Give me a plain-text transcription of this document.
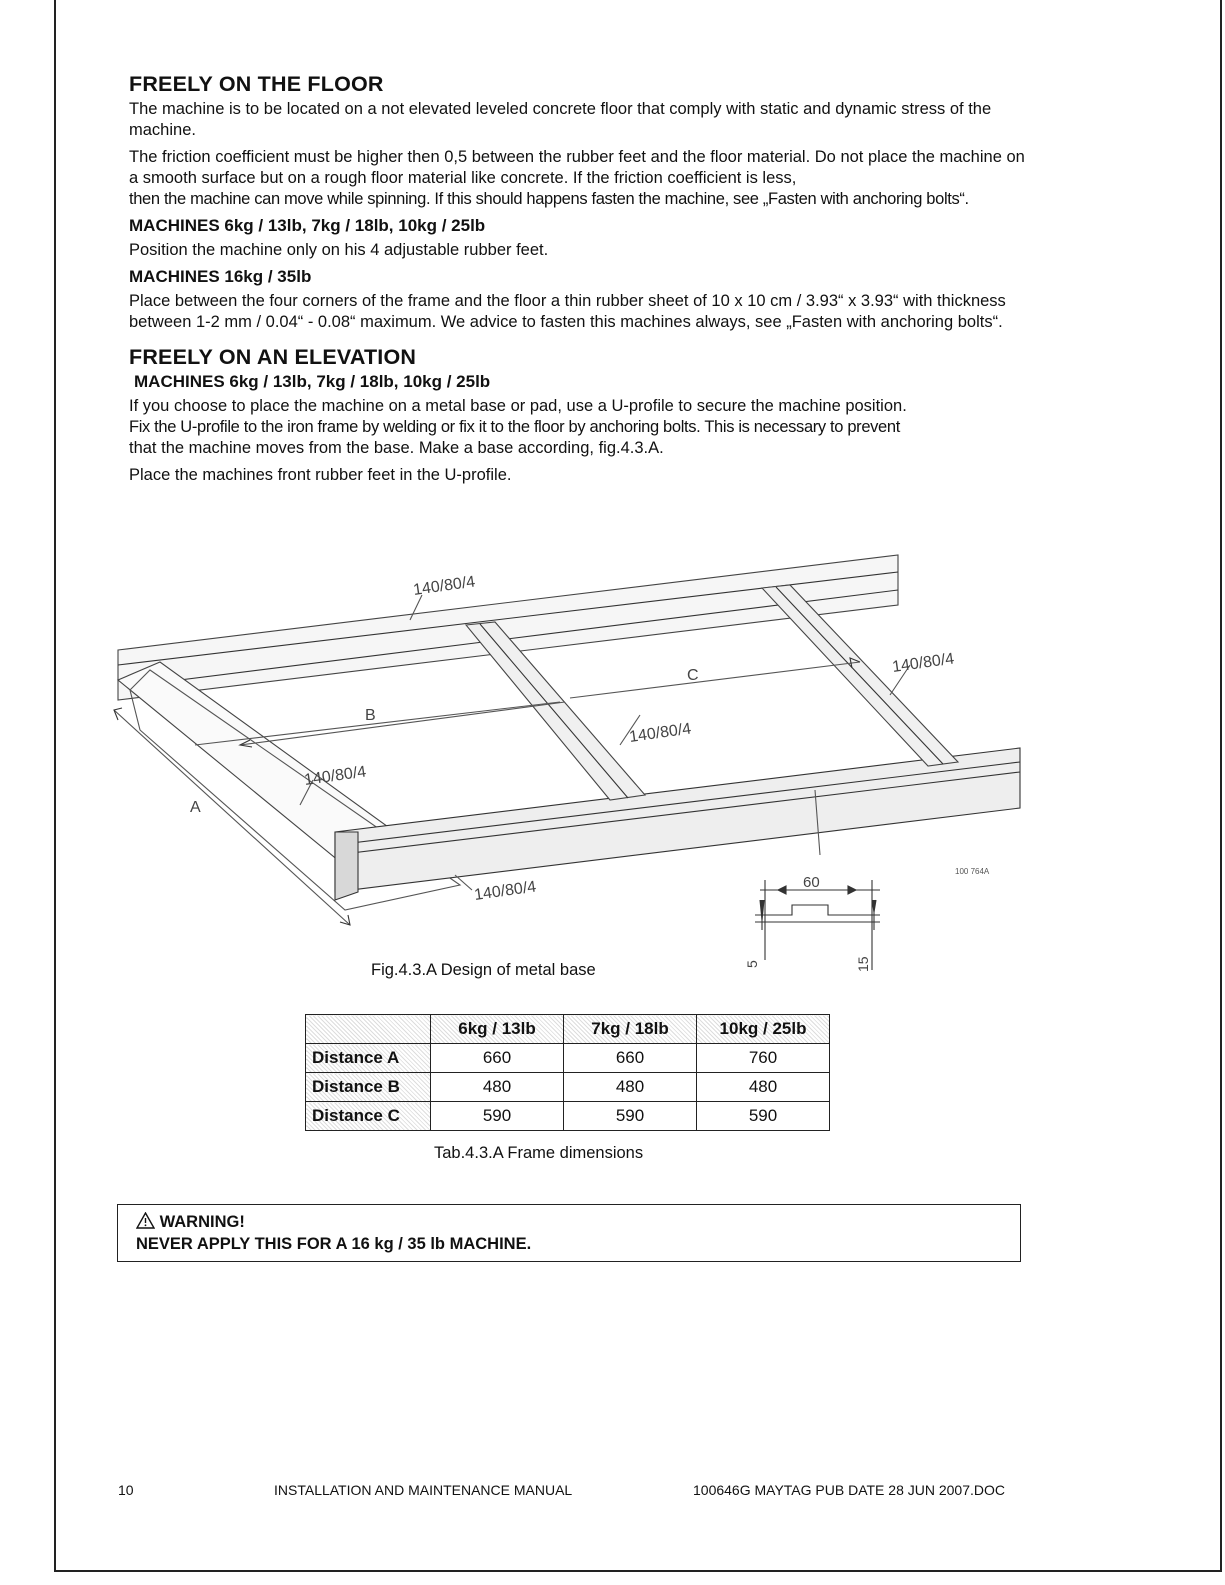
FREELY ON THE FLOOR

The machine is to be located on a not elevated leveled concrete floor that comply with static and dynamic stress of the machine.

The friction coefficient must be higher then 0,5 between the rubber feet and the floor material. Do not place the machine on a smooth surface but on a rough floor material like concrete. If the friction coefficient is less,

then the machine can move while spinning. If this should happens fasten the machine, see „Fasten with anchoring bolts“.

MACHINES 6kg / 13lb, 7kg / 18lb, 10kg / 25lb

Position the machine only on his 4 adjustable rubber feet.

MACHINES 16kg / 35lb

Place between the four corners of the frame and the floor a thin rubber sheet of 10 x 10 cm / 3.93“ x 3.93“ with thickness between 1-2 mm / 0.04“ - 0.08“ maximum. We advice to fasten this machines always, see „Fasten with anchoring bolts“.

FREELY ON AN ELEVATION
MACHINES 6kg / 13lb, 7kg / 18lb, 10kg / 25lb

If you choose to place the machine on a metal base or pad, use a U-profile to secure the machine position.

Fix the U-profile to the iron frame by welding or fix it to the floor by anchoring bolts. This is necessary to prevent

that the machine moves from the base. Make a base according, fig.4.3.A.

Place the machines front rubber feet in the U-profile.

140/80/4
140/80/4
140/80/4
140/80/4
140/80/4
A
B
C
100 764A
60
5	15
Fig.4.3.A Design of metal base
	6kg / 13lb	7kg / 18lb	10kg / 25lb
Distance A	660	660	760
Distance B	480	480	480
Distance C	590	590	590
Tab.4.3.A Frame dimensions
WARNING!
NEVER APPLY THIS FOR A 16 kg / 35 lb MACHINE.
10	INSTALLATION AND MAINTENANCE MANUAL	100646G MAYTAG PUB DATE 28 JUN 2007.DOC
